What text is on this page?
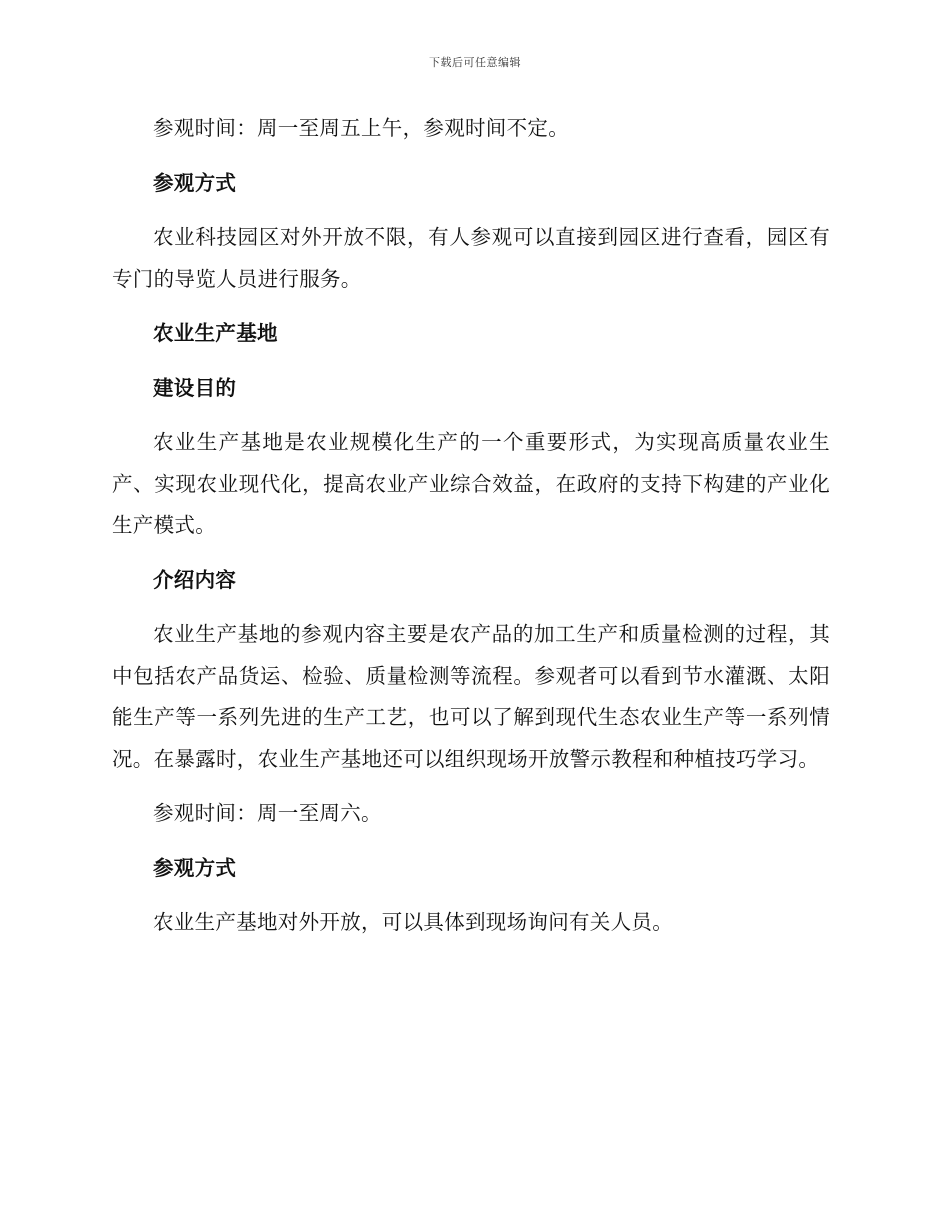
下载后可任意编辑

参观时间：周一至周五上午，参观时间不定。

参观方式

农业科技园区对外开放不限，有人参观可以直接到园区进行查看，园区有专门的导览人员进行服务。

农业生产基地

建设目的

农业生产基地是农业规模化生产的一个重要形式，为实现高质量农业生产、实现农业现代化，提高农业产业综合效益，在政府的支持下构建的产业化生产模式。

介绍内容

农业生产基地的参观内容主要是农产品的加工生产和质量检测的过程，其中包括农产品货运、检验、质量检测等流程。参观者可以看到节水灌溉、太阳能生产等一系列先进的生产工艺，也可以了解到现代生态农业生产等一系列情况。在暴露时，农业生产基地还可以组织现场开放警示教程和种植技巧学习。

参观时间：周一至周六。

参观方式

农业生产基地对外开放，可以具体到现场询问有关人员。
